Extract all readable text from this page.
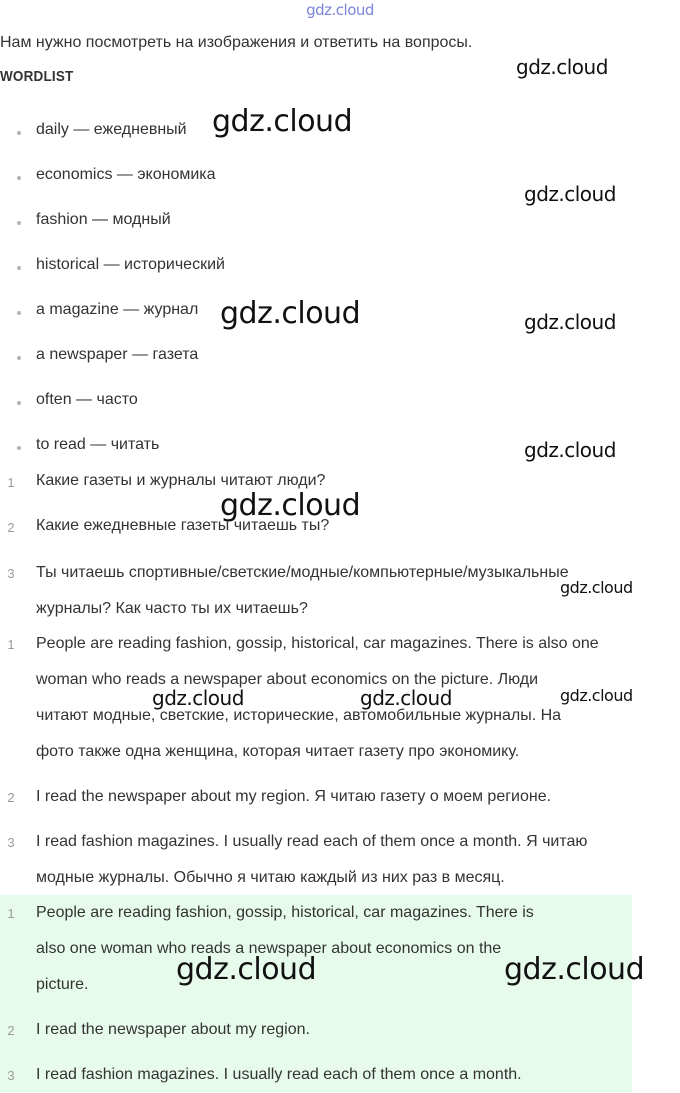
gdz.cloud
Нам нужно посмотреть на изображения и ответить на вопросы.
WORDLIST
daily — ежедневный
economics — экономика
fashion — модный
historical — исторический
a magazine — журнал
a newspaper — газета
often — часто
to read — читать
1	Какие газеты и журналы читают люди?
2	Какие ежедневные газеты читаешь ты?
3	Ты читаешь спортивные/светские/модные/компьютерные/музыкальные
журналы? Как часто ты их читаешь?
1	People are reading fashion, gossip, historical, car magazines. There is also one
woman who reads a newspaper about economics on the picture. Люди
читают модные, светские, исторические, автомобильные журналы. На
фото также одна женщина, которая читает газету про экономику.
2	I read the newspaper about my region. Я читаю газету о моем регионе.
3	I read fashion magazines. I usually read each of them once a month. Я читаю
модные журналы. Обычно я читаю каждый из них раз в месяц.
1	People are reading fashion, gossip, historical, car magazines. There is
also one woman who reads a newspaper about economics on the
picture.
2	I read the newspaper about my region.
3	I read fashion magazines. I usually read each of them once a month.
gdz.cloud
gdz.cloud
gdz.cloud
gdz.cloud	gdz.cloud
gdz.cloud
gdz.cloud
gdz.cloud
gdz.cloud	gdz.cloud	gdz.cloud
gdz.cloud	gdz.cloud
